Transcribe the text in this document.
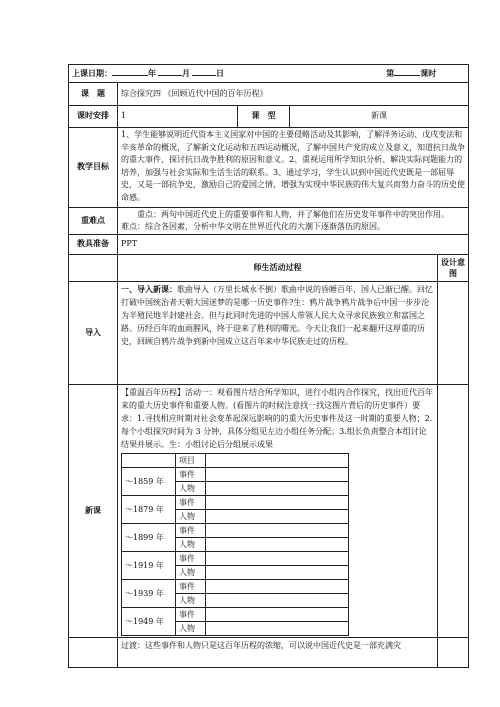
上课日期：	年	月	日	第	课时

课　题	综合探究四 《回顾近代中国的百年历程》
课时安排	1	课　型	新课
教学目标	1、学生能够说明近代资本主义国家对中国的主要侵略活动及其影响，了解洋务运动、戊戌变法和辛亥革命的概况，了解新文化运动和五四运动概况，了解中国共产党的成立及意义，知道抗日战争的重大事件，探讨抗日战争胜利的原因和意义。2、重视运用所学知识分析、解决实际问题能力的培养，加强与社会实际和生活生活的联系。3、通过学习，学生认识到中国近代史既是一部屈辱史，又是一部抗争史，激励自己的爱国之情，增强为实现中华民族的伟大复兴而努力奋斗的历史使命感。
重难点	
重点：两句中国近代史上的重要事件和人物，并了解他们在历史发年事件中的突出作用。
难点：综合各因素，分析中华文明在世界近代化的大潮下逐渐落伍的原因。

教具准备	PPT
	师生活动过程	设计意图
导入	一、导入新课：歌曲导入（万里长城永不倒）歌曲中说的昏睡百年，国人已渐已醒。回忆打破中国统治者天朝大国迷梦的是哪一历史事件?生：鸦片战争鸦片战争后中国一步步沦为半殖民地半封建社会。但与此同时先进的中国人带领人民大众寻求民族独立和富国之路。历经百年的血雨腥风，终于迎来了胜利的曙光。今天让我们一起来翻开这厚重的历史，回顾自鸦片战争到新中国成立这百年来中华民族走过的历程。	
新课	
【重温百年历程】活动一：观看图片结合所学知识，进行小组内合作探究，找出近代百年来的重大历史事件和重要人物。(看图片的时候注意找一找这图片背后的历史事件）要求：1.寻找相应时期对社会变革起深远影响的的重大历史事件及这一时期的重要人物；2.每个小组探究时间为 3 分钟，具体分组见左边小组任务分配；3.组长负责整合本组讨论结果并展示。生：小组讨论后分组展示成果
	项目	
～1859 年	事件	
人物	
～1879 年	事件	
人物	
～1899 年	事件	
人物	
～1919 年	事件	
人物	
～1939 年	事件	
人物	
～1949 年	事件	
人物	

	过渡：这些事件和人物只是这百年历程的浓缩，可以说中国近代史是一部充满灾	
